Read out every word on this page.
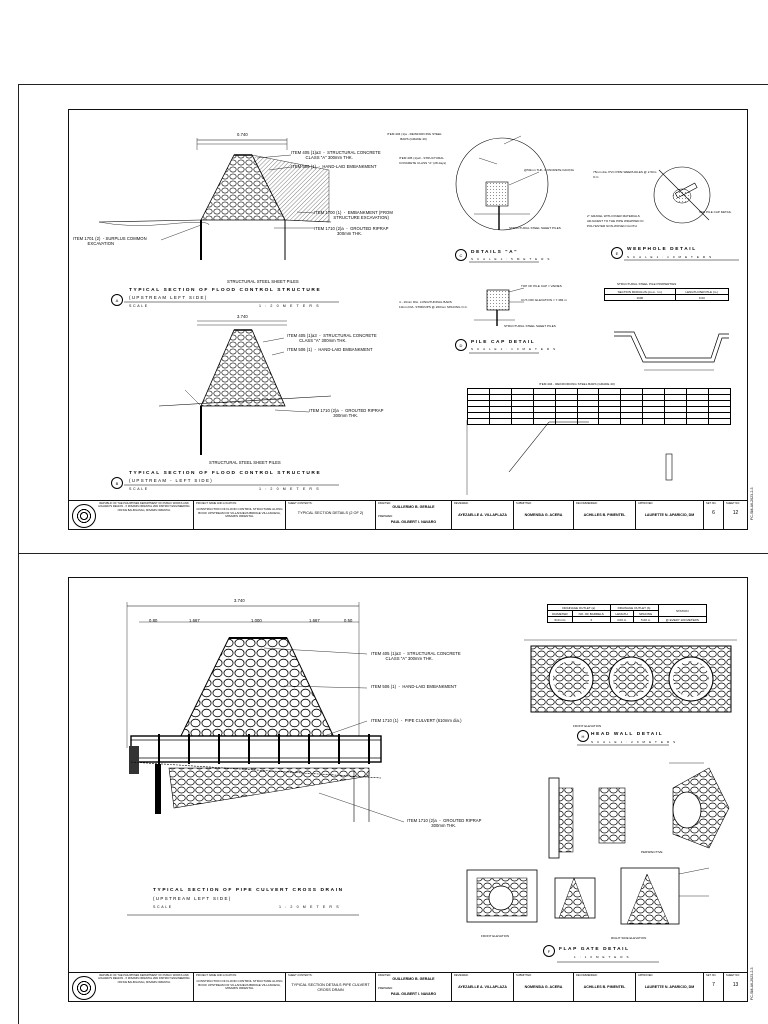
0.740
ITEM 405 (1)a3  -  STRUCTURAL CONCRETE
CLASS "A" 300mm THK.
ITEM 506 (1)  -  HAND-LAID EMBANKMENT
ITEM 1700 (1)  -  EMBANKMENT (FROM
STRUCTURE EXCAVATION)
ITEM 1710 (2)a  -  GROUTED RIPRAP
300mm THK.
ITEM 1701 (2)  - SURPLUS COMMON
EXCAVATION
STRUCTURAL STEEL SHEET PILES
TYPICAL SECTION OF FLOOD CONTROL STRUCTURE
A	(UPSTREAM LEFT SIDE)
SCALE	1 : 2 0 M E T E R S
3.740
ITEM 405 (1)a3  -  STRUCTURAL CONCRETE
CLASS "A" 300mm THK.
ITEM 506 (1)  -  HAND-LAID EMBANKMENT
ITEM 1710 (2)a  -  GROUTED RIPRAP
300mm THK.
STRUCTURAL STEEL SHEET PILES
TYPICAL SECTION OF FLOOD CONTROL STRUCTURE
B	(UPSTREAM - LEFT SIDE)
SCALE	1 : 2 0 M E T E R S
ITEM 404 (1)a - REINFORCING STEEL
BARS (GRADE 40)
ITEM 405 (1)a3 - STRUCTURAL
CONCRETE CLASS "A" (28 days)
@50mm THK. CONCRETE FACING
STRUCTURAL STEEL SHEET PILES
C	DETAILS "A"
S C A L E 1 : 5 M E T E R S
75mm dia. PVC PIPE WEEPHOLES @ 2.50m
O.C.
2" GRAVEL WITH FINER MATERIALS
ADJACENT TO THE PIPE WRAPPED IN
POLYESTER NON-WOVEN CLOTH
SEE PILE CAP DETAIL
E
WEEPHOLE DETAIL
S C A L E 1 : 1 0 M E T E R S
TOP OF PILE CAP = VARIES
CUT-OFF ELEVATION = 7.384 m
4 - 16mm DIA. LONGITUDINAL BARS
10mm DIA. STIRRUPS @ 200mm SPACING O.C.
STRUCTURAL STEEL SHEET PILES
D	PILE CAP DETAIL
S C A L E 1 : 1 0 M E T E R S
STRUCTURAL STEEL PILE PROPERTIES
SECTION MODULUS (cu.m. / m)	LENGTH PER PILE (m.)
1600	9.00
ITEM 404 - REINFORCING STEEL BARS (GRADE 40)

REPUBLIC OF THE PHILIPPINES DEPARTMENT OF PUBLIC WORKS AND HIGHWAYS REGION - X MISAMIS ORIENTAL 2ND DISTRICT ENGINEERING OFFICE BALINGASAG, MISAMIS ORIENTAL
PROJECT NAME AND LOCATION:
CONSTRUCTION OF FLOOD CONTROL STRUCTURE ALONG BOOK UPSTREAM OF VILLANUEVA BRIDGE VILLANUEVA, MISAMIS ORIENTAL
SHEET CONTENTS:
TYPICAL SECTION DETAILS (2 OF 2)
DRAFTED:
GUILLERMO B. GERALE
PREPARED:
PAUL GILBERT I. NAVARO
REVIEWED:
AYEZAELLE A. VILLAPLAZA
SUBMITTED:
NOMENSIA G. ACERA
RECOMMENDED:
ACHILLES B. PIMENTEL
APPROVED:
LAURETTE N. APARICIO, DM
SET NO.
6
SHEET NO.
12	FC-SM-A6-2023-2-3
3.740
0.80	1.667	1.000	1.667	0.50
ITEM 405 (1)a3  -  STRUCTURAL CONCRETE
CLASS "A" 300mm THK.
ITEM 506 (1)  -  HAND-LAID EMBANKMENT
ITEM 1710 (1)  -  PIPE CULVERT (610mm dia.)
ITEM 1710 (2)a  -  GROUTED RIPRAP
300mm THK.
TYPICAL SECTION OF PIPE CULVERT CROSS DRAIN
(UPSTREAM LEFT SIDE)
SCALE	1 : 2 0 M E T E R S
DRAINAGE OUTLET (a)		DRAINAGE OUTLET (b)		STATION
DIAMETER	NO. OF BARRELS	LENGTH	SPACING	
610 mm	3	4.00 m	5.00 m	@ EVERY 100 METERS
FRONT ELEVATION
H	HEAD WALL DETAIL
S C A L E 1 : 2 0 M E T E R S
PERSPECTIVE
FRONT ELEVATION	RIGHT SIDE ELEVATION
F	FLAP GATE DETAIL
1 : 1 0 M E T E R S
REPUBLIC OF THE PHILIPPINES DEPARTMENT OF PUBLIC WORKS AND HIGHWAYS REGION - X MISAMIS ORIENTAL 2ND DISTRICT ENGINEERING OFFICE BALINGASAG, MISAMIS ORIENTAL
PROJECT NAME AND LOCATION:
CONSTRUCTION OF FLOOD CONTROL STRUCTURE ALONG BOOK UPSTREAM OF VILLANUEVA BRIDGE VILLANUEVA, MISAMIS ORIENTAL
SHEET CONTENTS:
TYPICAL SECTION DETAILS PIPE CULVERT CROSS DRAIN
DRAFTED:
GUILLERMO B. GERALE
PREPARED:
PAUL GILBERT I. NAVARO
REVIEWED:
AYEZAELLE A. VILLAPLAZA
SUBMITTED:
NOMENSIA G. ACERA
RECOMMENDED:
ACHILLES B. PIMENTEL
APPROVED:
LAURETTE N. APARICIO, DM
SET NO.
7
SHEET NO.
13	FC-SM-A6-2023-2-3
